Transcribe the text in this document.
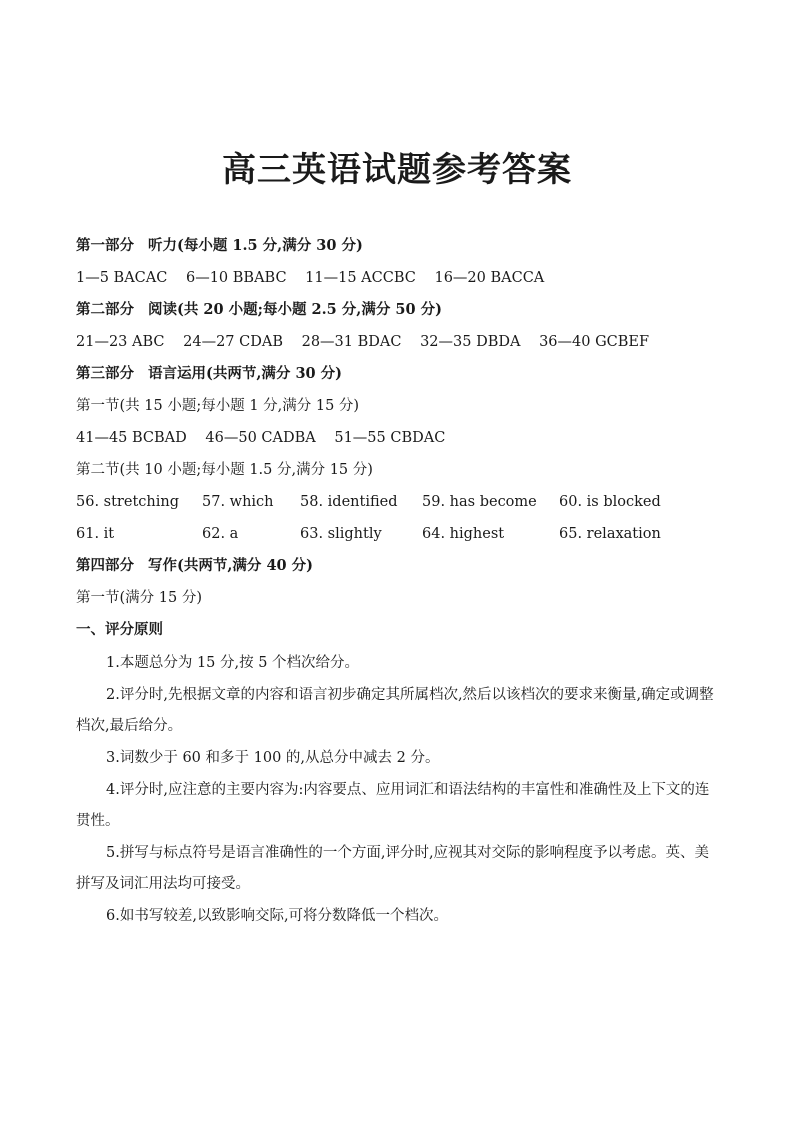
高三英语试题参考答案
第一部分 听力(每小题 1.5 分,满分 30 分)
1—5 BACAC 6—10 BBABC 11—15 ACCBC 16—20 BACCA
第二部分 阅读(共 20 小题;每小题 2.5 分,满分 50 分)
21—23 ABC 24—27 CDAB 28—31 BDAC 32—35 DBDA 36—40 GCBEF
第三部分 语言运用(共两节,满分 30 分)
第一节(共 15 小题;每小题 1 分,满分 15 分)
41—45 BCBAD 46—50 CADBA 51—55 CBDAC
第二节(共 10 小题;每小题 1.5 分,满分 15 分)
56. stretching 57. which 58. identified 59. has become 60. is blocked
61. it	62. a	63. slightly	64. highest	65. relaxation
第四部分 写作(共两节,满分 40 分)
第一节(满分 15 分)
一、评分原则
1.本题总分为 15 分,按 5 个档次给分。
2.评分时,先根据文章的内容和语言初步确定其所属档次,然后以该档次的要求来衡量,确定或调整档次,最后给分。
3.词数少于 60 和多于 100 的,从总分中减去 2 分。
4.评分时,应注意的主要内容为:内容要点、应用词汇和语法结构的丰富性和准确性及上下文的连贯性。
5.拼写与标点符号是语言准确性的一个方面,评分时,应视其对交际的影响程度予以考虑。英、美拼写及词汇用法均可接受。
6.如书写较差,以致影响交际,可将分数降低一个档次。
